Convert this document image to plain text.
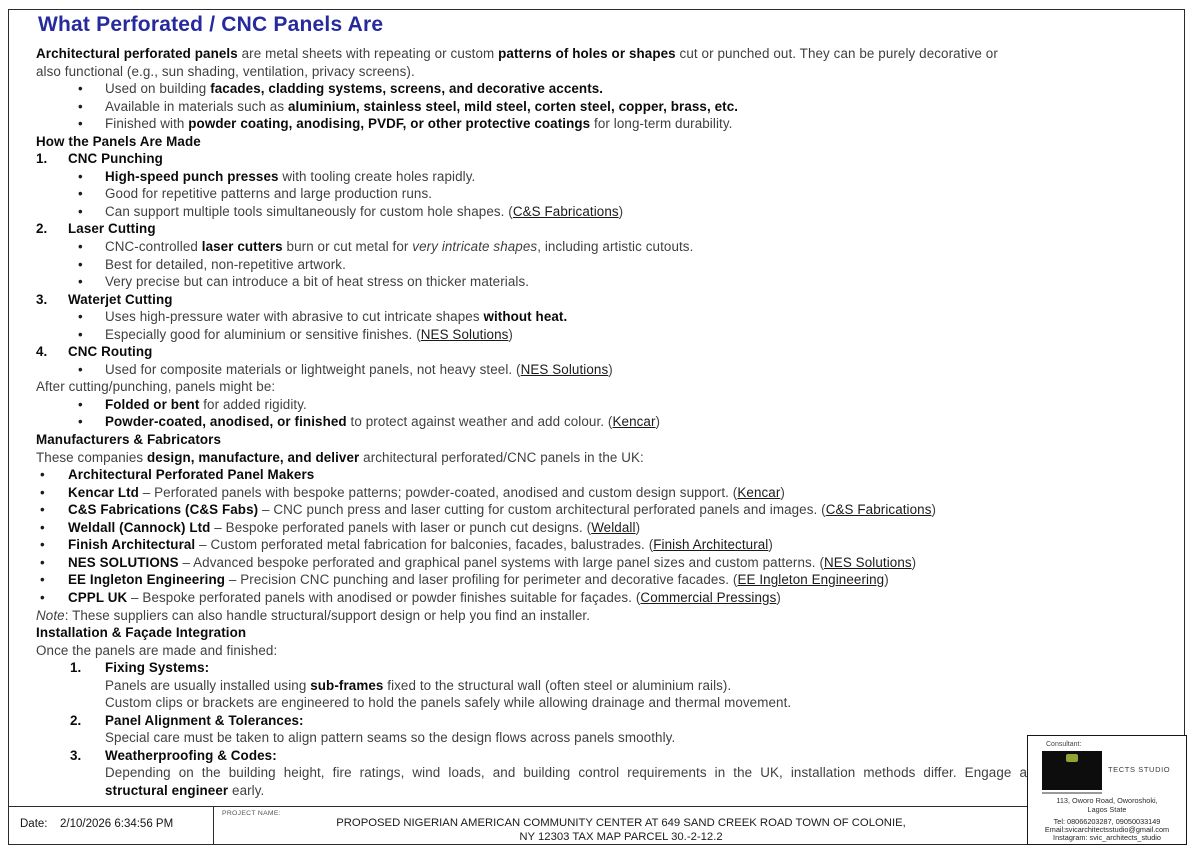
What Perforated / CNC Panels Are
Architectural perforated panels are metal sheets with repeating or custom patterns of holes or shapes cut or punched out. They can be purely decorative or
also functional (e.g., sun shading, ventilation, privacy screens).
• Used on building facades, cladding systems, screens, and decorative accents.
• Available in materials such as aluminium, stainless steel, mild steel, corten steel, copper, brass, etc.
• Finished with powder coating, anodising, PVDF, or other protective coatings for long-term durability.
How the Panels Are Made
1. CNC Punching
• High-speed punch presses with tooling create holes rapidly.
• Good for repetitive patterns and large production runs.
• Can support multiple tools simultaneously for custom hole shapes. (C&S Fabrications)
2. Laser Cutting
• CNC-controlled laser cutters burn or cut metal for very intricate shapes, including artistic cutouts.
• Best for detailed, non-repetitive artwork.
• Very precise but can introduce a bit of heat stress on thicker materials.
3. Waterjet Cutting
• Uses high-pressure water with abrasive to cut intricate shapes without heat.
• Especially good for aluminium or sensitive finishes. (NES Solutions)
4. CNC Routing
• Used for composite materials or lightweight panels, not heavy steel. (NES Solutions)
After cutting/punching, panels might be:
• Folded or bent for added rigidity.
• Powder-coated, anodised, or finished to protect against weather and add colour. (Kencar)
Manufacturers & Fabricators
These companies design, manufacture, and deliver architectural perforated/CNC panels in the UK:
• Architectural Perforated Panel Makers
• Kencar Ltd – Perforated panels with bespoke patterns; powder-coated, anodised and custom design support. (Kencar)
• C&S Fabrications (C&S Fabs) – CNC punch press and laser cutting for custom architectural perforated panels and images. (C&S Fabrications)
• Weldall (Cannock) Ltd – Bespoke perforated panels with laser or punch cut designs. (Weldall)
• Finish Architectural – Custom perforated metal fabrication for balconies, facades, balustrades. (Finish Architectural)
• NES SOLUTIONS – Advanced bespoke perforated and graphical panel systems with large panel sizes and custom patterns. (NES Solutions)
• EE Ingleton Engineering – Precision CNC punching and laser profiling for perimeter and decorative facades. (EE Ingleton Engineering)
• CPPL UK – Bespoke perforated panels with anodised or powder finishes suitable for façades. (Commercial Pressings)
Note: These suppliers can also handle structural/support design or help you find an installer.
Installation & Façade Integration
Once the panels are made and finished:
1. Fixing Systems:
Panels are usually installed using sub-frames fixed to the structural wall (often steel or aluminium rails).
Custom clips or brackets are engineered to hold the panels safely while allowing drainage and thermal movement.
2. Panel Alignment & Tolerances:
Special care must be taken to align pattern seams so the design flows across panels smoothly.
3. Weatherproofing & Codes:
Depending on the building height, fire ratings, wind loads, and building control requirements in the UK, installation methods differ. Engage a
structural engineer early.
Date: 2/10/2026 6:34:56 PM
PROJECT NAME:
PROPOSED NIGERIAN AMERICAN COMMUNITY CENTER AT 649 SAND CREEK ROAD TOWN OF COLONIE,
NY 12303 TAX MAP PARCEL 30.-2-12.2
Consultant:
TECTS STUDIO
113, Oworo Road, Oworoshoki,
Lagos State
Tel: 08066203287, 09050033149
Email:svicarchitectsstudio@gmail.com
Instagram: svic_architects_studio
